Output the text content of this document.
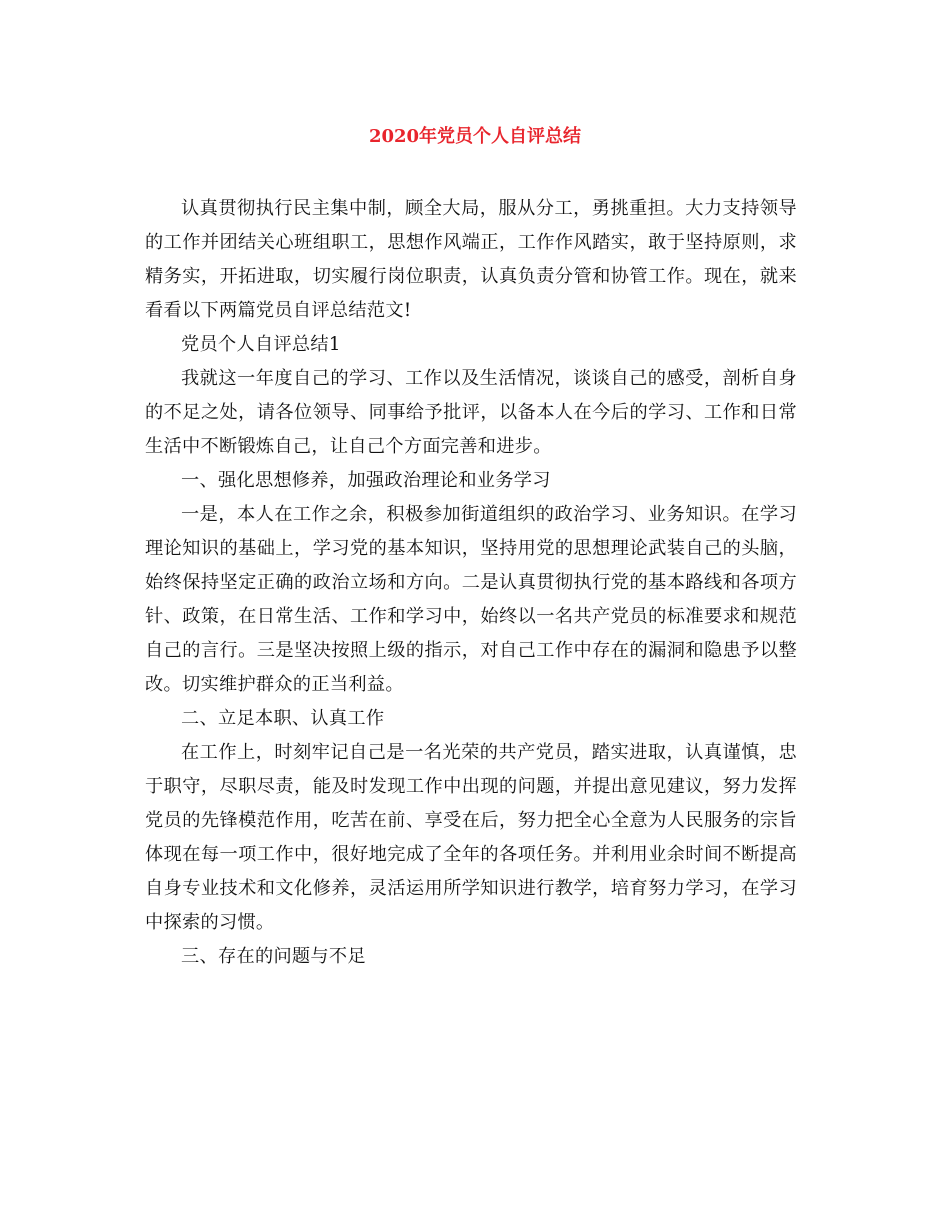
2020年党员个人自评总结

认真贯彻执行民主集中制，顾全大局，服从分工，勇挑重担。大力支持领导的工作并团结关心班组职工，思想作风端正，工作作风踏实，敢于坚持原则，求精务实，开拓进取，切实履行岗位职责，认真负责分管和协管工作。现在，就来看看以下两篇党员自评总结范文!

党员个人自评总结1

我就这一年度自己的学习、工作以及生活情况，谈谈自己的感受，剖析自身的不足之处，请各位领导、同事给予批评，以备本人在今后的学习、工作和日常生活中不断锻炼自己，让自己个方面完善和进步。

一、强化思想修养，加强政治理论和业务学习

一是，本人在工作之余，积极参加街道组织的政治学习、业务知识。在学习理论知识的基础上，学习党的基本知识，坚持用党的思想理论武装自己的头脑，始终保持坚定正确的政治立场和方向。二是认真贯彻执行党的基本路线和各项方针、政策，在日常生活、工作和学习中，始终以一名共产党员的标准要求和规范自己的言行。三是坚决按照上级的指示，对自己工作中存在的漏洞和隐患予以整改。切实维护群众的正当利益。

二、立足本职、认真工作

在工作上，时刻牢记自己是一名光荣的共产党员，踏实进取，认真谨慎，忠于职守，尽职尽责，能及时发现工作中出现的问题，并提出意见建议，努力发挥党员的先锋模范作用，吃苦在前、享受在后，努力把全心全意为人民服务的宗旨体现在每一项工作中，很好地完成了全年的各项任务。并利用业余时间不断提高自身专业技术和文化修养，灵活运用所学知识进行教学，培育努力学习，在学习中探索的习惯。

三、存在的问题与不足
